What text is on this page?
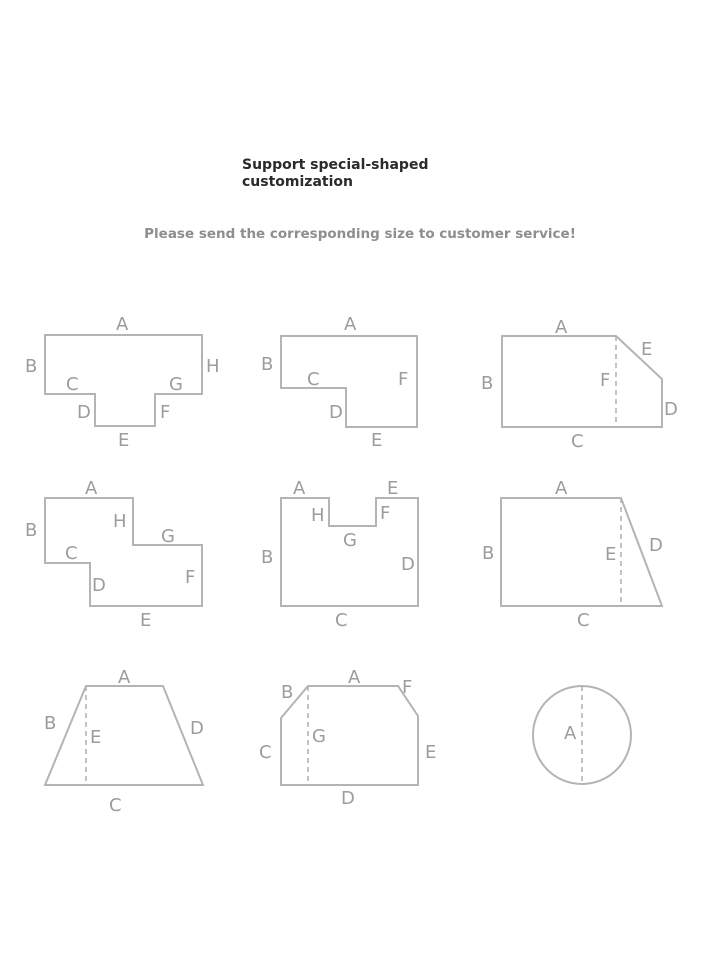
Support special-shaped customization

Please send the corresponding size to customer service!

A
B
C
D
E
F
G
H
A
B
C
D
E
F
A
B
C
D
E
F
A
B
C
D
E
F
G
H
A
B
C
D
E
F
G
H
A
B
C
D
E
A
B
C
D
E
A
B
C
D
E
F
G	A
